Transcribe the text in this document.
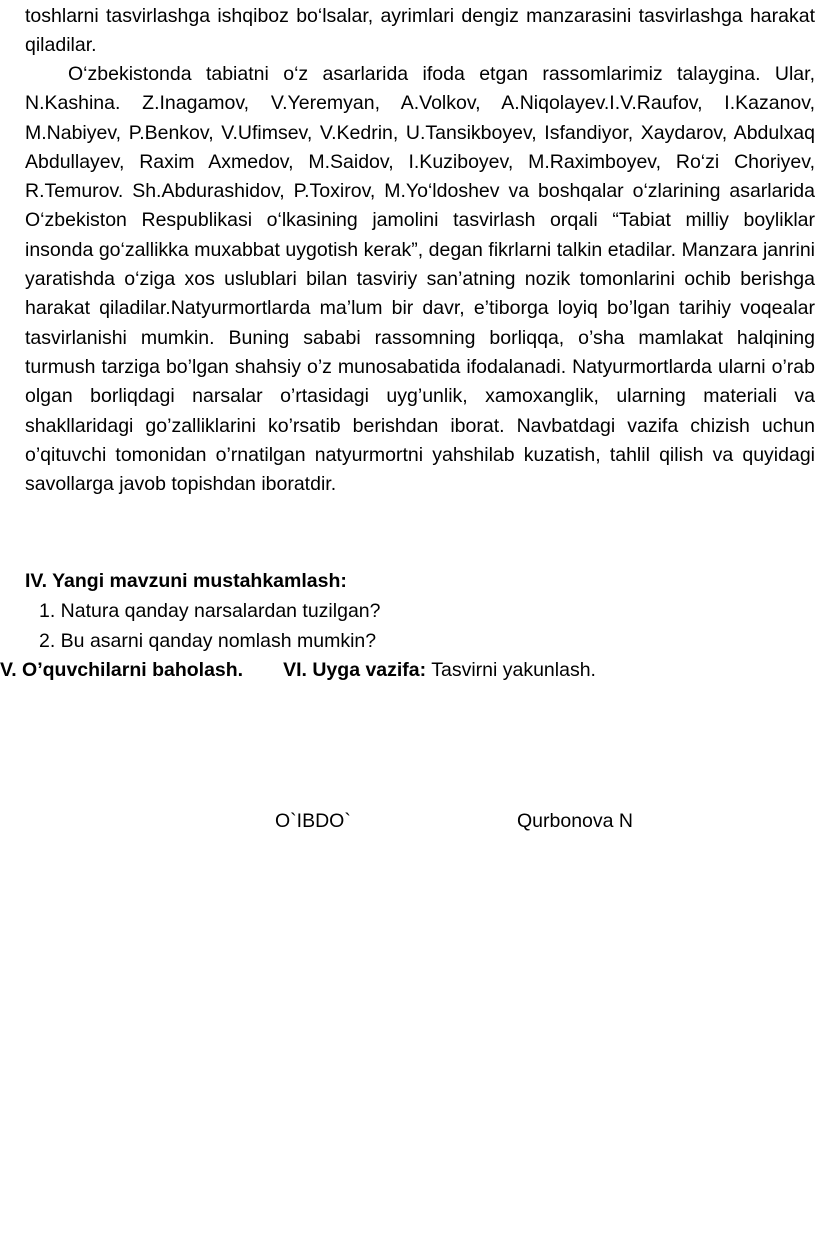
toshlarni tasvirlashga ishqiboz bo‘lsalar, ayrimlari dengiz manzarasini tasvirlashga harakat qiladilar.

O‘zbekistonda tabiatni o‘z asarlarida ifoda etgan rassomlarimiz talaygina. Ular, N.Kashina. Z.Inagamov, V.Yeremyan, A.Volkov, A.Niqolayev.I.V.Raufov, I.Kazanov, M.Nabiyev, P.Benkov, V.Ufimsev, V.Kedrin, U.Tansikboyev, Isfandiyor, Xaydarov, Abdulxaq Abdullayev, Raxim Axmedov, M.Saidov, I.Kuziboyev, M.Raximboyev, Ro‘zi Choriyev, R.Temurov. Sh.Abdurashidov, P.Toxirov, M.Yo‘ldoshev va boshqalar o‘zlarining asarlarida O‘zbekiston Respublikasi o‘lkasining jamolini tasvirlash orqali “Tabiat milliy boyliklar insonda go‘zallikka muxabbat uygotish kerak”, degan fikrlarni talkin etadilar. Manzara janrini yaratishda o‘ziga xos uslublari bilan tasviriy san’atning nozik tomonlarini ochib berishga harakat qiladilar.Natyurmortlarda ma’lum bir davr, e’tiborga loyiq bo’lgan tarihiy voqealar tasvirlanishi mumkin. Buning sababi rassomning borliqqa, o’sha mamlakat halqining turmush tarziga bo’lgan shahsiy o’z munosabatida ifodalanadi. Natyurmortlarda ularni o’rab olgan borliqdagi narsalar o’rtasidagi uyg’unlik, xamoxanglik, ularning materiali va shakllaridagi go’zalliklarini ko’rsatib berishdan iborat. Navbatdagi vazifa chizish uchun o’qituvchi tomonidan o’rnatilgan natyurmortni yahshilab kuzatish, tahlil qilish va quyidagi savollarga javob topishdan iboratdir.

IV. Yangi mavzuni mustahkamlash:
1. Natura qanday narsalardan tuzilgan?
2. Bu asarni qanday nomlash mumkin?
V. O’quvchilarni baholash. VI. Uyga vazifa: Tasvirni yakunlash.
O`IBDO`	Qurbonova N
